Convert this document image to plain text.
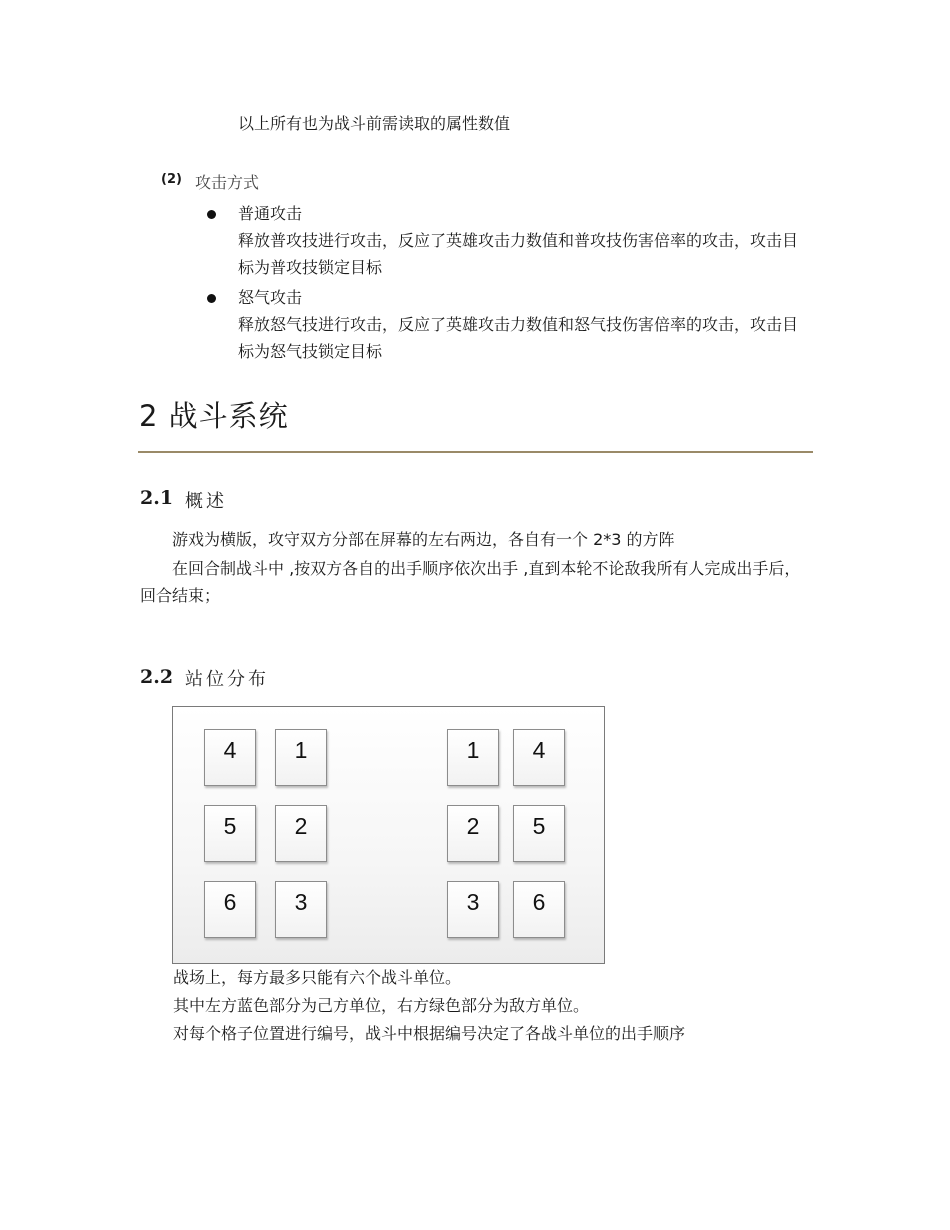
以上所有也为战斗前需读取的属性数值
(2) 攻击方式
普通攻击
释放普攻技进行攻击，反应了英雄攻击力数值和普攻技伤害倍率的攻击，攻击目标为普攻技锁定目标
怒气攻击
释放怒气技进行攻击，反应了英雄攻击力数值和怒气技伤害倍率的攻击，攻击目标为怒气技锁定目标
2 战斗系统
2.1 概述
游戏为横版，攻守双方分部在屏幕的左右两边，各自有一个 2*3 的方阵
在回合制战斗中 ,按双方各自的出手顺序依次出手 ,直到本轮不论敌我所有人完成出手后，回合结束；
2.2 站位分布
4	1
5	2
6	3
1	4
2	5
3	6
战场上，每方最多只能有六个战斗单位。
其中左方蓝色部分为己方单位，右方绿色部分为敌方单位。
对每个格子位置进行编号，战斗中根据编号决定了各战斗单位的出手顺序
